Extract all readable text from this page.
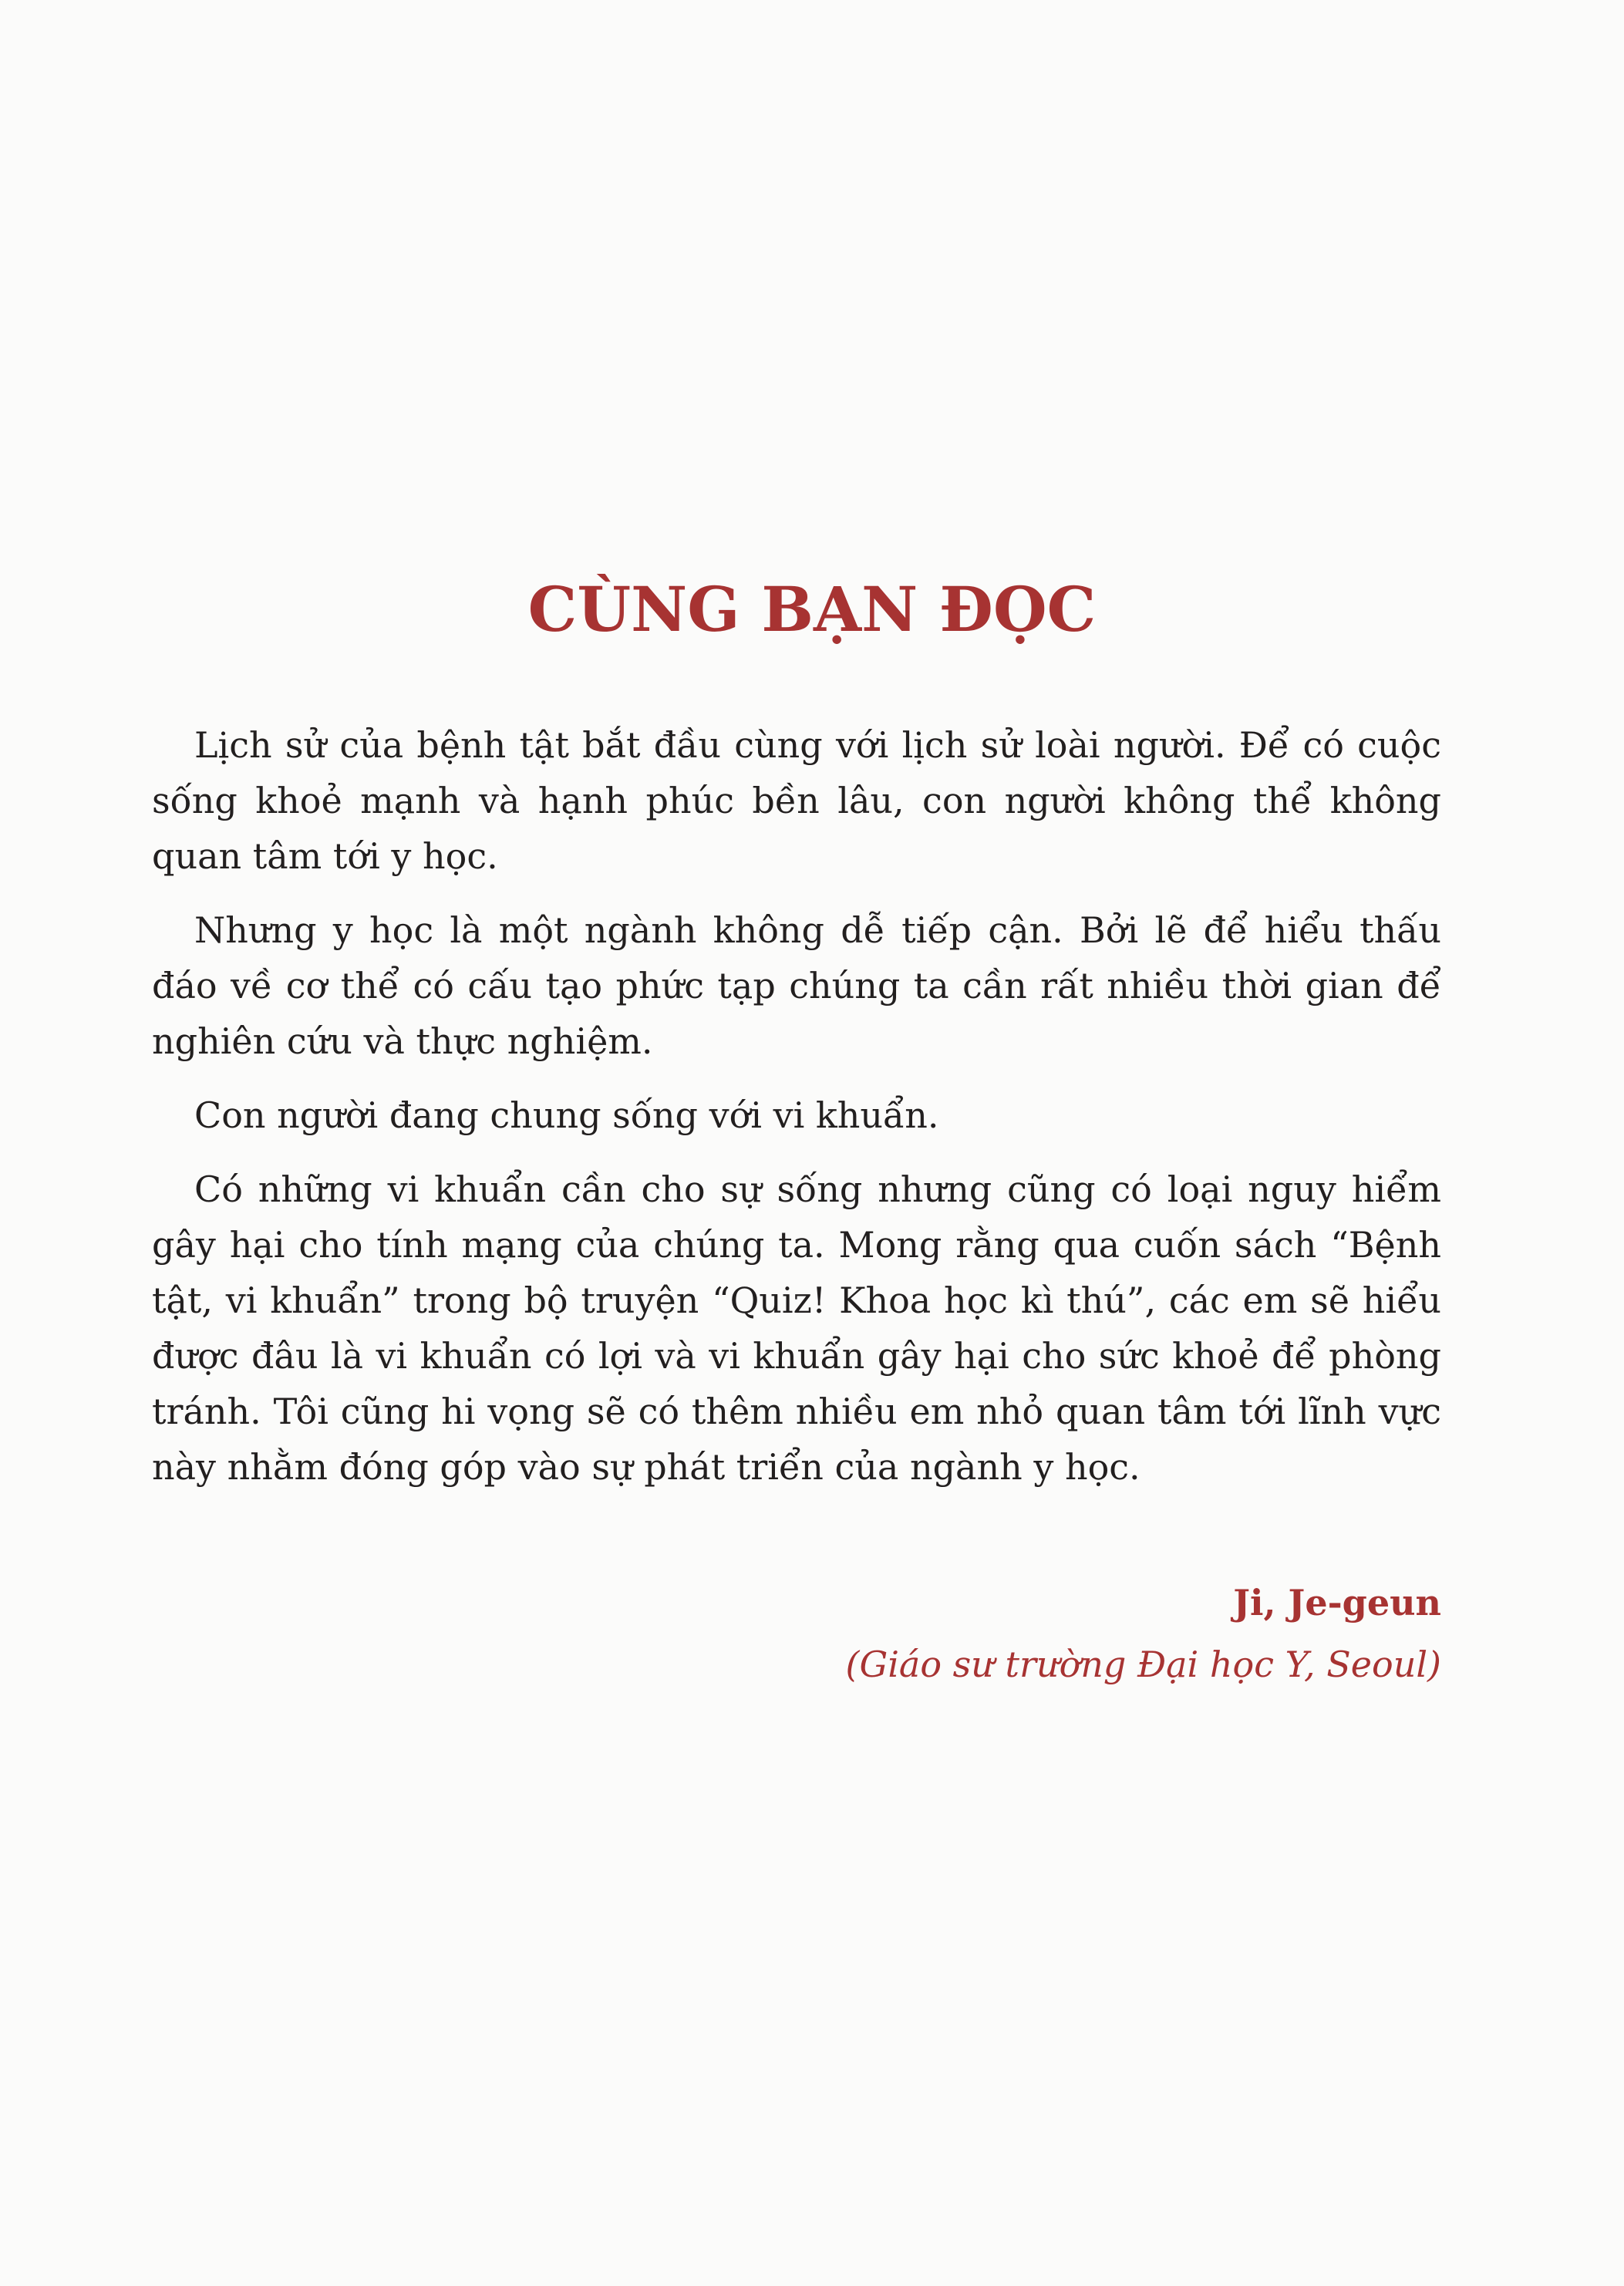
CÙNG BẠN ĐỌC

Lịch sử của bệnh tật bắt đầu cùng với lịch sử loài người. Để có cuộc sống khoẻ mạnh và hạnh phúc bền lâu, con người không thể không quan tâm tới y học.

Nhưng y học là một ngành không dễ tiếp cận. Bởi lẽ để hiểu thấu đáo về cơ thể có cấu tạo phức tạp chúng ta cần rất nhiều thời gian để nghiên cứu và thực nghiệm.

Con người đang chung sống với vi khuẩn.

Có những vi khuẩn cần cho sự sống nhưng cũng có loại nguy hiểm gây hại cho tính mạng của chúng ta. Mong rằng qua cuốn sách “Bệnh tật, vi khuẩn” trong bộ truyện “Quiz! Khoa học kì thú”, các em sẽ hiểu được đâu là vi khuẩn có lợi và vi khuẩn gây hại cho sức khoẻ để phòng tránh. Tôi cũng hi vọng sẽ có thêm nhiều em nhỏ quan tâm tới lĩnh vực này nhằm đóng góp vào sự phát triển của ngành y học.

Ji, Je-geun

(Giáo sư trường Đại học Y, Seoul)
